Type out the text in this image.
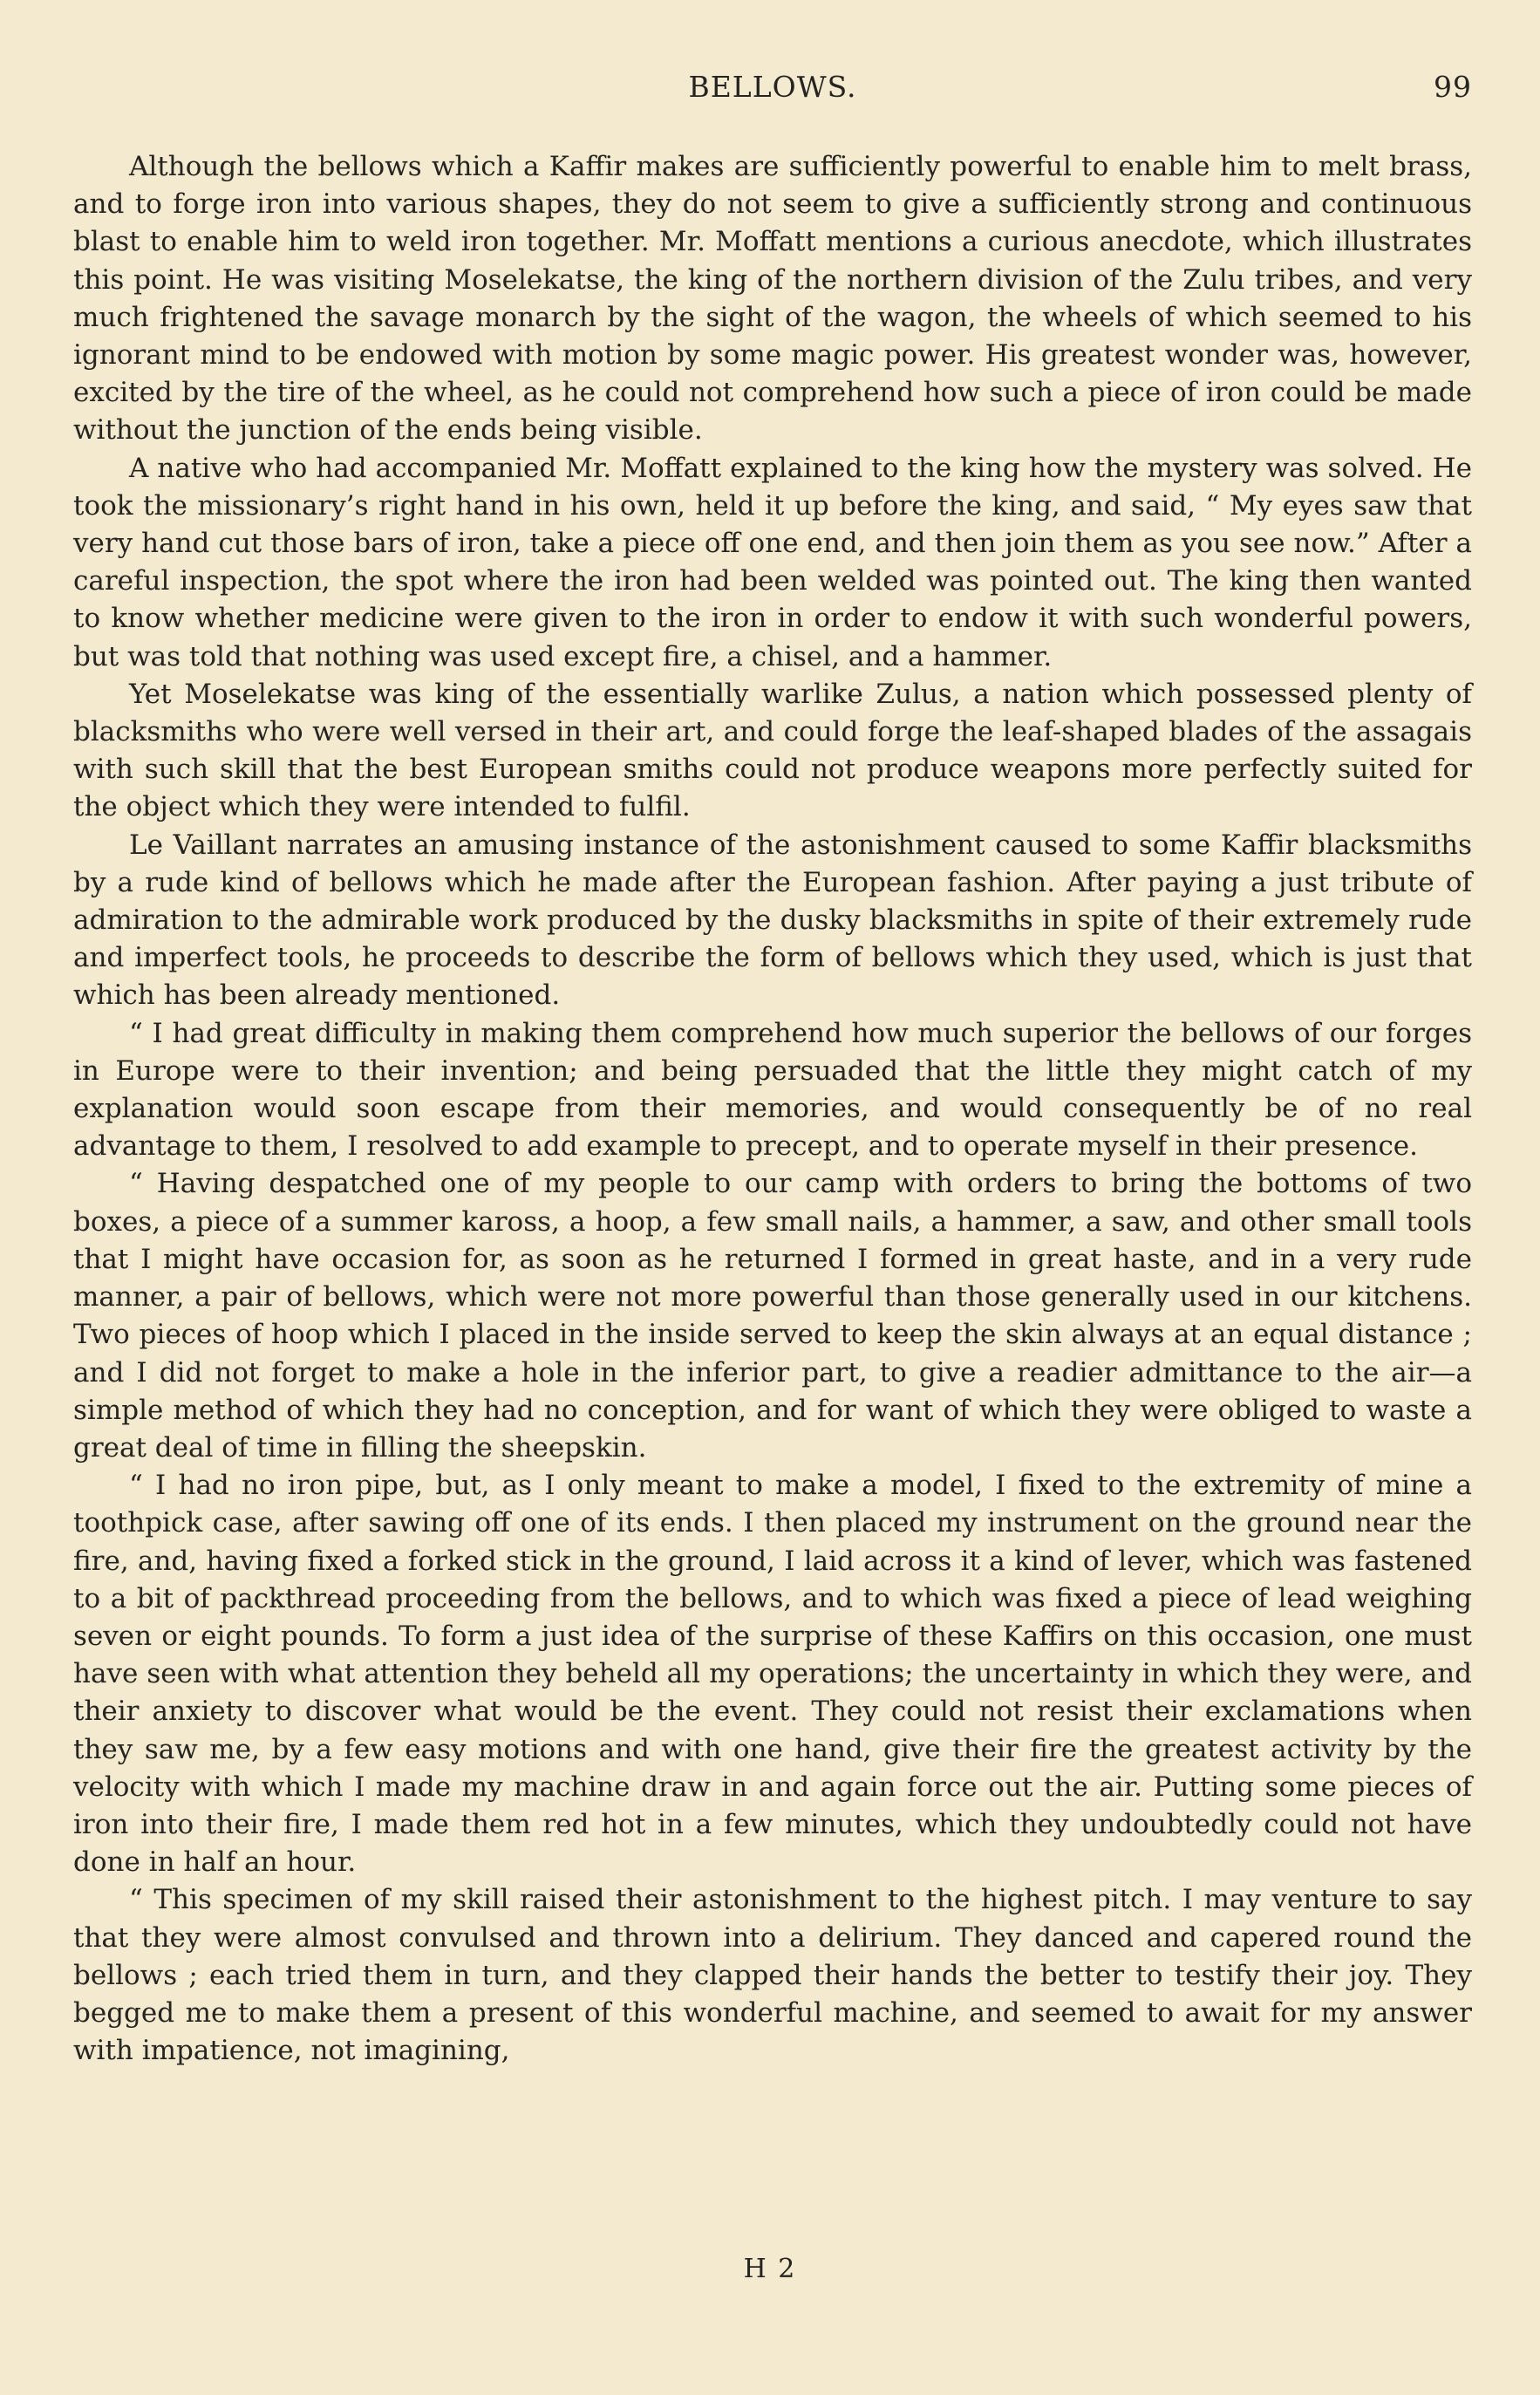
BELLOWS.	99

Although the bellows which a Kaffir makes are sufficiently powerful to enable him to melt brass, and to forge iron into various shapes, they do not seem to give a sufficiently strong and continuous blast to enable him to weld iron together. Mr. Moffatt mentions a curious anecdote, which illustrates this point. He was visiting Moselekatse, the king of the northern division of the Zulu tribes, and very much frightened the savage monarch by the sight of the wagon, the wheels of which seemed to his ignorant mind to be endowed with motion by some magic power. His greatest wonder was, however, excited by the tire of the wheel, as he could not comprehend how such a piece of iron could be made without the junction of the ends being visible.

A native who had accompanied Mr. Moffatt explained to the king how the mystery was solved. He took the missionary’s right hand in his own, held it up before the king, and said, “ My eyes saw that very hand cut those bars of iron, take a piece off one end, and then join them as you see now.” After a careful inspection, the spot where the iron had been welded was pointed out. The king then wanted to know whether medicine were given to the iron in order to endow it with such wonderful powers, but was told that nothing was used except fire, a chisel, and a hammer.

Yet Moselekatse was king of the essentially warlike Zulus, a nation which possessed plenty of blacksmiths who were well versed in their art, and could forge the leaf-shaped blades of the assagais with such skill that the best European smiths could not produce weapons more perfectly suited for the object which they were intended to fulfil.

Le Vaillant narrates an amusing instance of the astonishment caused to some Kaffir blacksmiths by a rude kind of bellows which he made after the European fashion. After paying a just tribute of admiration to the admirable work produced by the dusky blacksmiths in spite of their extremely rude and imperfect tools, he proceeds to describe the form of bellows which they used, which is just that which has been already mentioned.

“ I had great difficulty in making them comprehend how much superior the bellows of our forges in Europe were to their invention; and being persuaded that the little they might catch of my explanation would soon escape from their memories, and would consequently be of no real advantage to them, I resolved to add example to precept, and to operate myself in their presence.

“ Having despatched one of my people to our camp with orders to bring the bottoms of two boxes, a piece of a summer kaross, a hoop, a few small nails, a hammer, a saw, and other small tools that I might have occasion for, as soon as he returned I formed in great haste, and in a very rude manner, a pair of bellows, which were not more powerful than those generally used in our kitchens. Two pieces of hoop which I placed in the inside served to keep the skin always at an equal distance ; and I did not forget to make a hole in the inferior part, to give a readier admittance to the air—a simple method of which they had no conception, and for want of which they were obliged to waste a great deal of time in filling the sheepskin.

“ I had no iron pipe, but, as I only meant to make a model, I fixed to the extremity of mine a toothpick case, after sawing off one of its ends. I then placed my instrument on the ground near the fire, and, having fixed a forked stick in the ground, I laid across it a kind of lever, which was fastened to a bit of packthread proceeding from the bellows, and to which was fixed a piece of lead weighing seven or eight pounds. To form a just idea of the surprise of these Kaffirs on this occasion, one must have seen with what attention they beheld all my operations; the uncertainty in which they were, and their anxiety to discover what would be the event. They could not resist their exclamations when they saw me, by a few easy motions and with one hand, give their fire the greatest activity by the velocity with which I made my machine draw in and again force out the air. Putting some pieces of iron into their fire, I made them red hot in a few minutes, which they undoubtedly could not have done in half an hour.

“ This specimen of my skill raised their astonishment to the highest pitch. I may venture to say that they were almost convulsed and thrown into a delirium. They danced and capered round the bellows ; each tried them in turn, and they clapped their hands the better to testify their joy. They begged me to make them a present of this wonderful machine, and seemed to await for my answer with impatience, not imagining,

H 2
